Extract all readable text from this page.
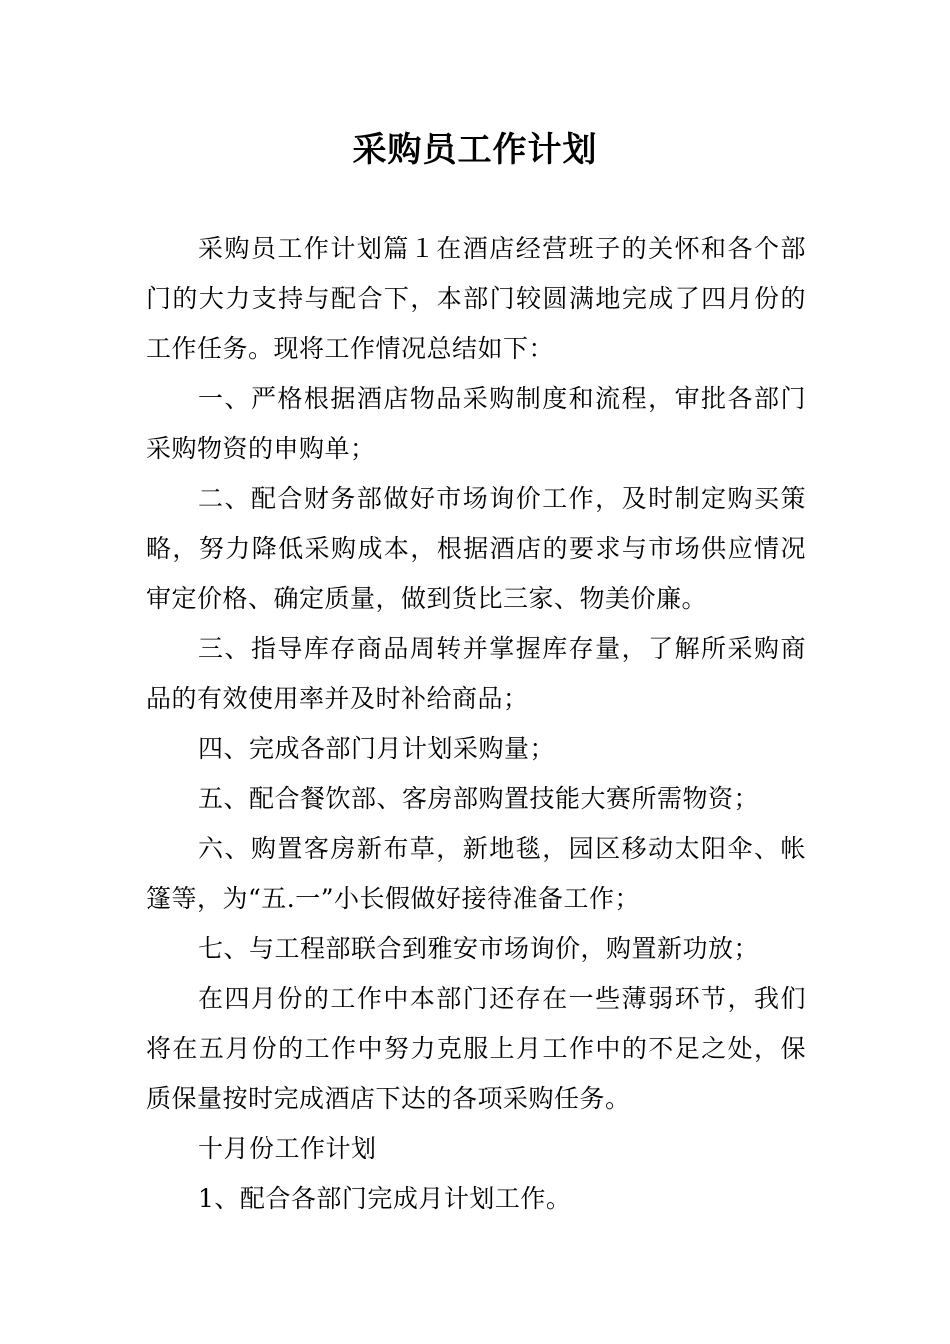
采购员工作计划

采购员工作计划篇１在酒店经营班子的关怀和各个部门的大力支持与配合下，本部门较圆满地完成了四月份的工作任务。现将工作情况总结如下：

一、严格根据酒店物品采购制度和流程，审批各部门采购物资的申购单；

二、配合财务部做好市场询价工作，及时制定购买策略，努力降低采购成本，根据酒店的要求与市场供应情况审定价格、确定质量，做到货比三家、物美价廉。

三、指导库存商品周转并掌握库存量，了解所采购商品的有效使用率并及时补给商品；

四、完成各部门月计划采购量；

五、配合餐饮部、客房部购置技能大赛所需物资；

六、购置客房新布草，新地毯，园区移动太阳伞、帐篷等，为“五.一”小长假做好接待准备工作；

七、与工程部联合到雅安市场询价，购置新功放；

在四月份的工作中本部门还存在一些薄弱环节，我们将在五月份的工作中努力克服上月工作中的不足之处，保质保量按时完成酒店下达的各项采购任务。

十月份工作计划

1、配合各部门完成月计划工作。
